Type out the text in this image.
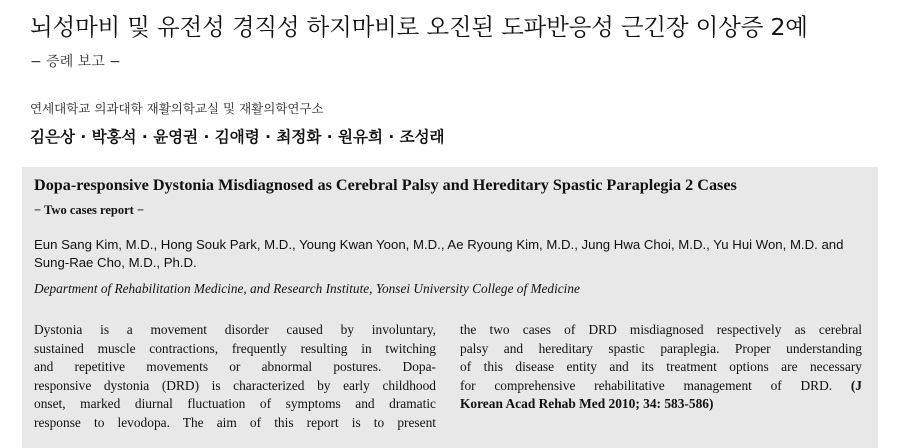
뇌성마비 및 유전성 경직성 하지마비로 오진된 도파반응성 근긴장 이상증 2예
− 증례 보고 −
연세대학교 의과대학 재활의학교실 및 재활의학연구소
김은상 · 박홍석 · 윤영권 · 김애령 · 최정화 · 원유희 · 조성래
Dopa-responsive Dystonia Misdiagnosed as Cerebral Palsy and Hereditary Spastic Paraplegia 2 Cases
− Two cases report −
Eun Sang Kim, M.D., Hong Souk Park, M.D., Young Kwan Yoon, M.D., Ae Ryoung Kim, M.D., Jung Hwa Choi, M.D., Yu Hui Won, M.D. and Sung-Rae Cho, M.D., Ph.D.
Department of Rehabilitation Medicine, and Research Institute, Yonsei University College of Medicine
Dystonia is a movement disorder caused by involuntary,
sustained muscle contractions, frequently resulting in twitching
and repetitive movements or abnormal postures. Dopa-
responsive dystonia (DRD) is characterized by early childhood
onset, marked diurnal fluctuation of symptoms and dramatic
response to levodopa. The aim of this report is to present
the two cases of DRD misdiagnosed respectively as cerebral
palsy and hereditary spastic paraplegia. Proper understanding
of this disease entity and its treatment options are necessary
for comprehensive rehabilitative management of DRD. (J
Korean Acad Rehab Med 2010; 34: 583-586)
